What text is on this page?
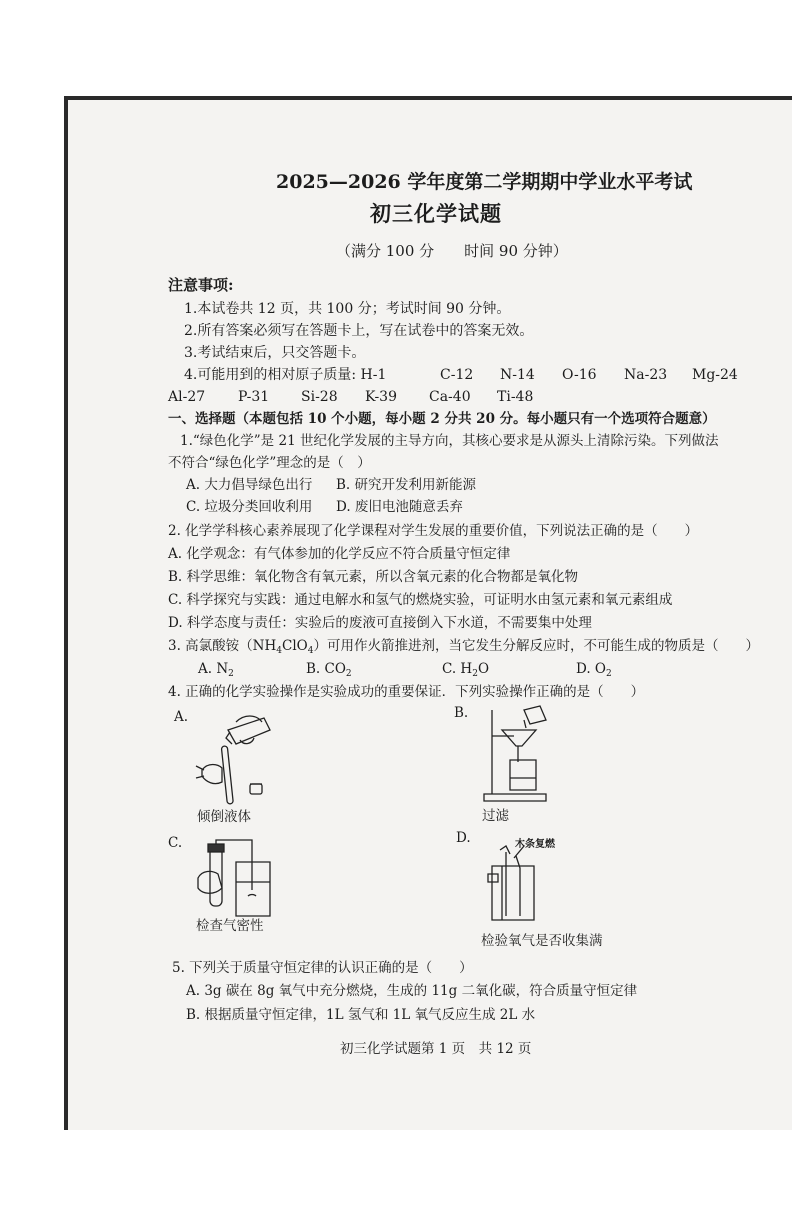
2025—2026 学年度第二学期期中学业水平考试
初三化学试题
（满分 100 分　　时间 90 分钟）
注意事项:
1.本试卷共 12 页，共 100 分；考试时间 90 分钟。
2.所有答案必须写在答题卡上，写在试卷中的答案无效。
3.考试结束后，只交答题卡。
4.可能用到的相对原子质量: H-1	C-12 N-14 O-16 Na-23 Mg-24
Al-27 P-31 Si-28 K-39 Ca-40 Ti-48
一、选择题（本题包括 10 个小题，每小题 2 分共 20 分。每小题只有一个选项符合题意）
1.“绿色化学”是 21 世纪化学发展的主导方向，其核心要求是从源头上清除污染。下列做法
不符合“绿色化学”理念的是（　）
A. 大力倡导绿色出行 B. 研究开发利用新能源
C. 垃圾分类回收利用 D. 废旧电池随意丢弃
2. 化学学科核心素养展现了化学课程对学生发展的重要价值，下列说法正确的是（　　）
A. 化学观念：有气体参加的化学反应不符合质量守恒定律
B. 科学思维：氧化物含有氧元素，所以含氧元素的化合物都是氧化物
C. 科学探究与实践：通过电解水和氢气的燃烧实验，可证明水由氢元素和氧元素组成
D. 科学态度与责任：实验后的废液可直接倒入下水道，不需要集中处理
3. 高氯酸铵$(NH_4ClO_4)$可用作火箭推进剂，当它发生分解反应时，不可能生成的物质是（　　）
A. $N_2$	B. $CO_2$	C. $H_2O$	D. $O_2$
4. 正确的化学实验操作是实验成功的重要保证．下列实验操作正确的是（　　）
A.	B.
C.	D.
倾倒液体	过滤
检查气密性
木条复燃
检验氧气是否收集满
5. 下列关于质量守恒定律的认识正确的是（　　）
A. 3g 碳在 8g 氧气中充分燃烧，生成的 11g 二氧化碳，符合质量守恒定律
B. 根据质量守恒定律，1L 氢气和 1L 氧气反应生成 2L 水
初三化学试题第 1 页　共 12 页
